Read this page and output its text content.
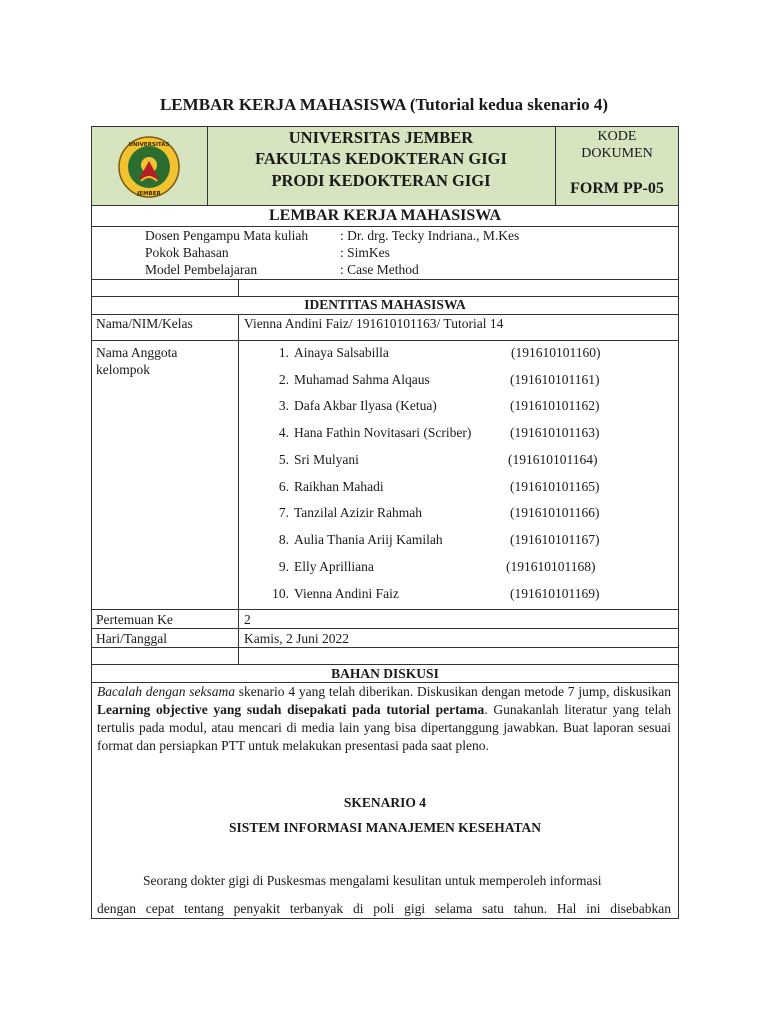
LEMBAR KERJA MAHASISWA (Tutorial kedua skenario 4)
UNIVERSITAS
JEMBER
UNIVERSITAS JEMBER
FAKULTAS KEDOKTERAN GIGI
PRODI KEDOKTERAN GIGI
KODE
DOKUMEN
FORM PP-05
LEMBAR KERJA MAHASISWA
Dosen Pengampu Mata kuliah : Dr. drg. Tecky Indriana., M.Kes
Pokok Bahasan	: SimKes
Model Pembelajaran	: Case Method
IDENTITAS MAHASISWA
Nama/NIM/Kelas	Vienna Andini Faiz/ 191610101163/ Tutorial 14
Nama Anggota
kelompok
1. Ainaya Salsabilla	(191610101160)
2. Muhamad Sahma Alqaus	(191610101161)
3. Dafa Akbar Ilyasa (Ketua)	(191610101162)
4. Hana Fathin Novitasari (Scriber)	(191610101163)
5. Sri Mulyani	(191610101164)
6. Raikhan Mahadi	(191610101165)
7. Tanzilal Azizir Rahmah	(191610101166)
8. Aulia Thania Ariij Kamilah	(191610101167)
9. Elly Aprilliana	(191610101168)
10. Vienna Andini Faiz	(191610101169)
Pertemuan Ke	2
Hari/Tanggal	Kamis, 2 Juni 2022
BAHAN DISKUSI
Bacalah dengan seksama skenario 4 yang telah diberikan. Diskusikan dengan metode 7 jump, diskusikan Learning objective yang sudah disepakati pada tutorial pertama. Gunakanlah literatur yang telah tertulis pada modul, atau mencari di media lain yang bisa dipertanggung jawabkan. Buat laporan sesuai format dan persiapkan PTT untuk melakukan presentasi pada saat pleno.
SKENARIO 4
SISTEM INFORMASI MANAJEMEN KESEHATAN
Seorang dokter gigi di Puskesmas mengalami kesulitan untuk memperoleh informasi
dengan cepat tentang penyakit terbanyak di poli gigi selama satu tahun. Hal ini disebabkan
